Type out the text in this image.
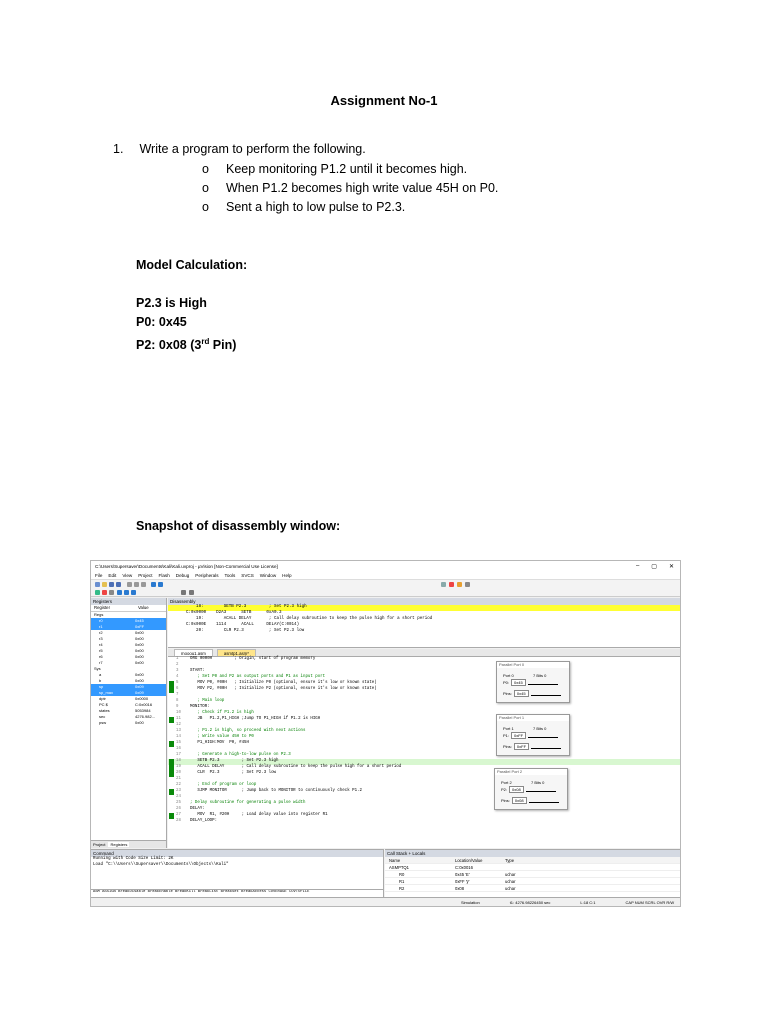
Assignment No-1
1. Write a program to perform the following.
o	Keep monitoring P1.2 until it becomes high.
o	When P1.2 becomes high write value 45H on P0.
o	Sent a high to low pulse to P2.3.
Model Calculation:
P2.3 is High
P0: 0x45
P2: 0x08 (3rd Pin)
Snapshot of disassembly window:
C:\Users\Supersaver\Documents\Kali\Kali.uvproj - µVision [Non-Commercial Use License]	– ▢ ✕
File Edit View Project Flash Debug Peripherals Tools SVCS Window Help
Registers
Register	Value
Regs
r0	0x45
r1	0xFF
r2	0x00
r3	0x00
r4	0x00
r5	0x00
r6	0x00
r7	0x00
Sys
a	0x00
b	0x00
sp	0x09
sp_max	0x09
dptr	0x0000
PC $	C:0x0016
states	5053984
sec	4276.982...
psw	0x00
Project	Registers
Disassembly
18:        SETB P2.3         ; Set P2.3 high
C:0x0000    D2A3      SETB      0xA0.3
19:        ACALL DELAY       ; Call delay subroutine to keep the pulse high for a short period
C:0x000E    1114      ACALL     DELAY(C:0014)
20:        CLR P2.3          ; Set P2.3 low
mooou1.asm	asmtp1.asm*
1	ORG 0000H         ; Origin, start of program memory
2
3	START:
4	; Set P0 and P2 as output ports and P1 as input port
5	MOV P0, #00H   ; Initialize P0 (optional, ensure it's low or known state)
6	MOV P2, #00H   ; Initialize P2 (optional, ensure it's low or known state)
7
8	; Main loop
9	MONITOR:
10 ; Check if P1.2 is high
11 JB   P1.2,P1_HIGH ;Jump TO P1_HIGH if P1.2 is HIGH
12
13 ; P1.2 is high, so proceed with next actions
14 ; Write value 45H to P0
15 P1_HIGH:MOV  P0, #45H
16
17 ; Generate a high-to-low pulse on P2.3
18 SETB P2.3         ; Set P2.3 high
19 ACALL DELAY       ; Call delay subroutine to keep the pulse high for a short period
20 CLR  P2.3         ; Set P2.3 low
21
22 ; End of program or loop
23 SJMP MONITOR      ; Jump back to MONITOR to continuously check P1.2
24
25 ; Delay subroutine for generating a pulse width
26 DELAY:
27 MOV  R1, #20H     ; Load delay value into register R1
28 DELAY_LOOP:
Parallel Port 0
Port 0	7 Bits 0
P0:	0x45
Pins:	0x45
Parallel Port 1
Port 1	7 Bits 0
P1:	0xFF
Pins:	0xFF
Parallel Port 2
Port 2	7 Bits 0
P2:	0x08
Pins:	0x08
Command
Running with Code Size Limit: 2K
Load "C:\\Users\\Supersaver\\Documents\\Objects\\Kali"
ASM ASSIGN BreakDisable BreakEnable BreakKill BreakList BreakSet BreakAccess COVERAGE COVTOFILE
Call Stack + Locals
Name	Location/Value	Type
ASMPTQ1	C:0x0016
R0	0x45 'E'	uchar
R1	0xFF 'ÿ'	uchar
R2	0x08	uchar
Simulation	t1: 4276.98226450 sec	L:18 C:1	CAP NUM SCRL OVR R/W
